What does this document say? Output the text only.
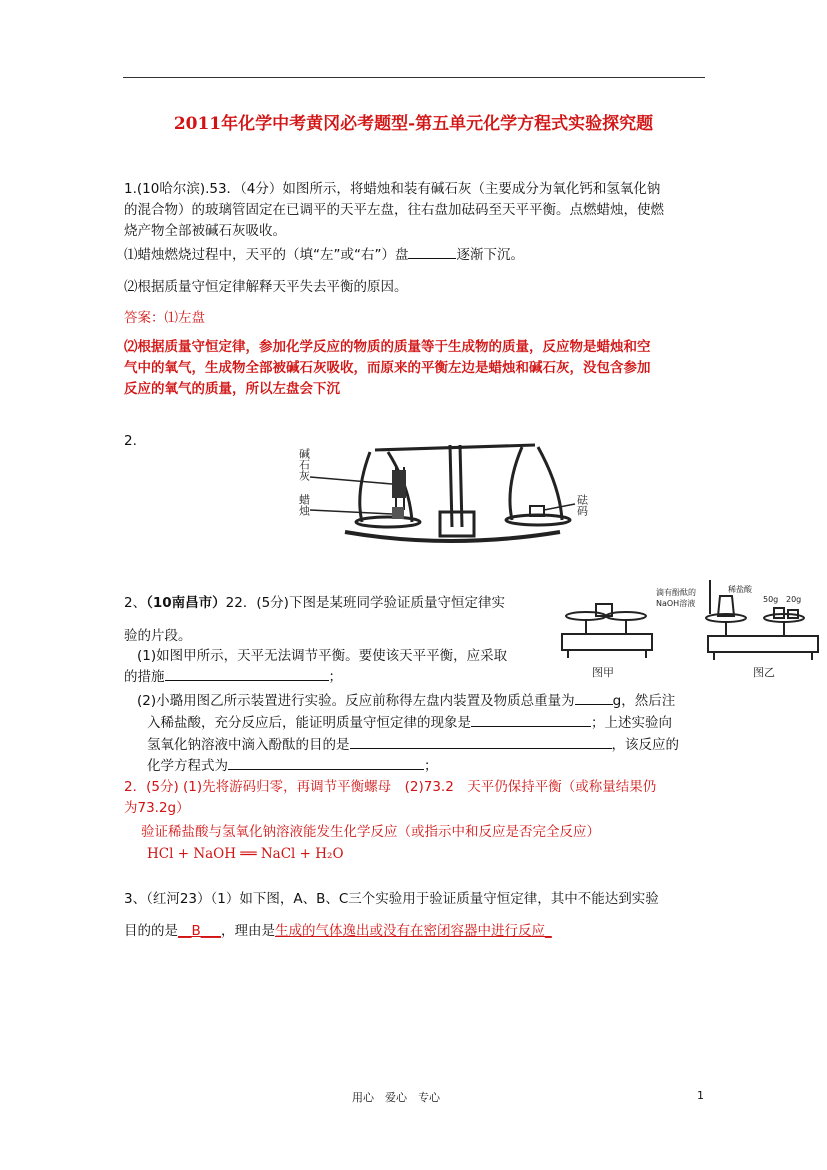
2011年化学中考黄冈必考题型-第五单元化学方程式实验探究题
1.(10哈尔滨).53．（4分）如图所示，将蜡烛和装有碱石灰（主要成分为氧化钙和氢氧化钠
的混合物）的玻璃管固定在已调平的天平左盘，往右盘加砝码至天平平衡。点燃蜡烛，使燃
烧产物全部被碱石灰吸收。
⑴蜡烛燃烧过程中，天平的（填“左”或“右”）盘	逐渐下沉。
⑵根据质量守恒定律解释天平失去平衡的原因。
答案：⑴左盘
⑵根据质量守恒定律，参加化学反应的物质的质量等于生成物的质量，反应物是蜡烛和空
气中的氧气，生成物全部被碱石灰吸收，而原来的平衡左边是蜡烛和碱石灰，没包含参加
反应的氧气的质量，所以左盘会下沉
2.
碱石灰
蜡烛	砝码
2、（10南昌市）22．(5分)下图是某班同学验证质量守恒定律实
验的片段。
(1)如图甲所示，天平无法调节平衡。要使该天平平衡，应采取
的措施	；
(2)小璐用图乙所示装置进行实验。反应前称得左盘内装置及物质总重量为	g，然后注
入稀盐酸，充分反应后，能证明质量守恒定律的现象是	；上述实验向
氢氧化钠溶液中滴入酚酞的目的是	，该反应的
化学方程式为	；
2．(5分) (1)先将游码归零，再调节平衡螺母　(2)73.2　天平仍保持平衡（或称量结果仍
为73.2g）
验证稀盐酸与氢氧化钠溶液能发生化学反应（或指示中和反应是否完全反应）
HCl + NaOH ══ NaCl + H₂O
图甲	图乙
滴有酚酞的
NaOH溶液
稀盐酸
50g 20g
3、（红河23）（1）如下图，A、B、C三个实验用于验证质量守恒定律，其中不能达到实验
目的的是__B___，理由是生成的气体逸出或没有在密闭容器中进行反应_
用心　爱心　专心	1
